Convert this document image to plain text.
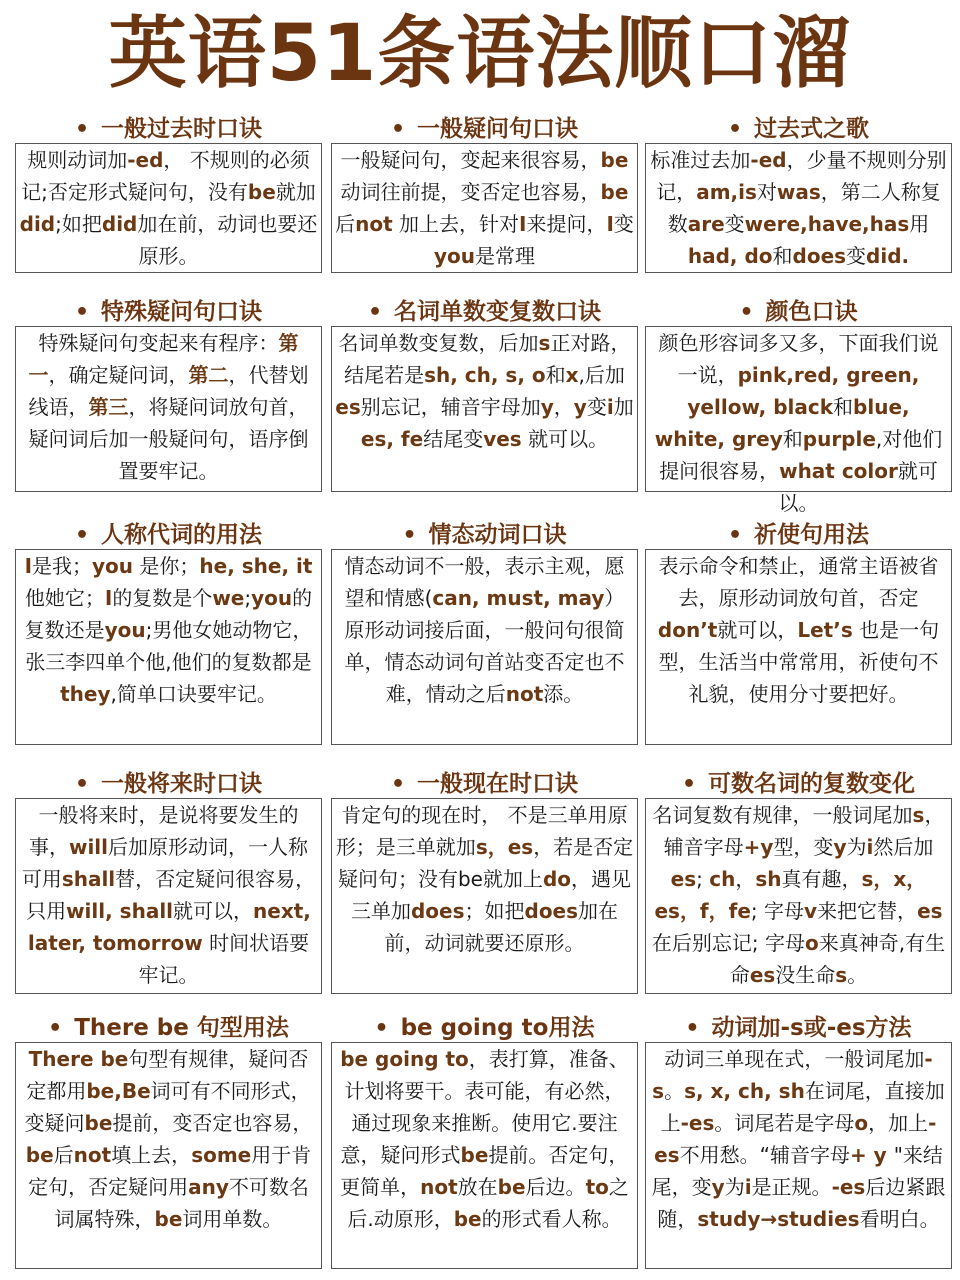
英语51条语法顺口溜
• 一般过去时口诀
规则动词加-ed， 不规则的必须记;否定形式疑问句，没有be就加did;如把did加在前，动词也要还原形。
• 一般疑问句口诀
一般疑问句，变起来很容易，be 动词往前提，变否定也容易，be 后not 加上去，针对I来提问，I变 you是常理
• 过去式之歌
标准过去加-ed，少量不规则分别记，am,is对was，第二人称复数are变were,have,has用had, do和does变did.
• 特殊疑问句口诀
特殊疑问句变起来有程序：第一，确定疑问词，第二，代替划线语，第三，将疑问词放句首，疑问词后加一般疑问句，语序倒置要牢记。
• 名词单数变复数口诀
名词单数变复数，后加s正对路，结尾若是sh, ch, s, o和x,后加es别忘记，辅音宇母加y，y变i加es, fe结尾变ves 就可以。
• 颜色口诀
颜色形容词多又多，下面我们说一说，pink,red, green, yellow, black和blue, white, grey和purple,对他们提问很容易，what color就可以。
• 人称代词的用法
I是我；you 是你；he, she, it他她它；I的复数是个we;you的复数还是you;男他女她动物它，张三李四单个他,他们的复数都是they,简单口诀要牢记。
• 情态动词口诀
情态动词不一般，表示主观，愿望和情感(can, must, may）原形动词接后面，一般问句很简单，情态动词句首站变否定也不难，情动之后not添。
• 祈使句用法
表示命令和禁止，通常主语被省去，原形动词放句首，否定 don’t就可以，Let’s 也是一句型，生活当中常常用，祈使句不礼貌，使用分寸要把好。
• 一般将来时口诀
一般将来时，是说将要发生的事，will后加原形动词，一人称可用shall替，否定疑问很容易，只用will, shall就可以，next, later, tomorrow 时间状语要牢记。
• 一般现在时口诀
肯定句的现在时， 不是三单用原形；是三单就加s，es，若是否定疑问句；没有be就加上do，遇见三单加does；如把does加在前，动词就要还原形。
• 可数名词的复数变化
名词复数有规律，一般词尾加s，辅音字母+y型，变y为i然后加es; ch，sh真有趣，s，x，es，f，fe; 字母v来把它替，es在后别忘记; 字母o来真神奇,有生命es没生命s。
• There be 句型用法
There be句型有规律，疑问否定都用be,Be词可有不同形式，变疑问be提前，变否定也容易，be后not填上去，some用于肯定句，否定疑问用any不可数名词属特殊，be词用单数。
• be going to用法
be going to，表打算，准备、计划将要干。表可能，有必然，通过现象来推断。使用它.要注意，疑问形式be提前。否定句，更简单，not放在be后边。to之后.动原形，be的形式看人称。
• 动词加-s或-es方法
动词三单现在式，一般词尾加-s。s, x, ch, sh在词尾，直接加上-es。词尾若是字母o，加上-es不用愁。“辅音字母+ y "来结尾，变y为i是正规。-es后边紧跟随，study→studies看明白。
